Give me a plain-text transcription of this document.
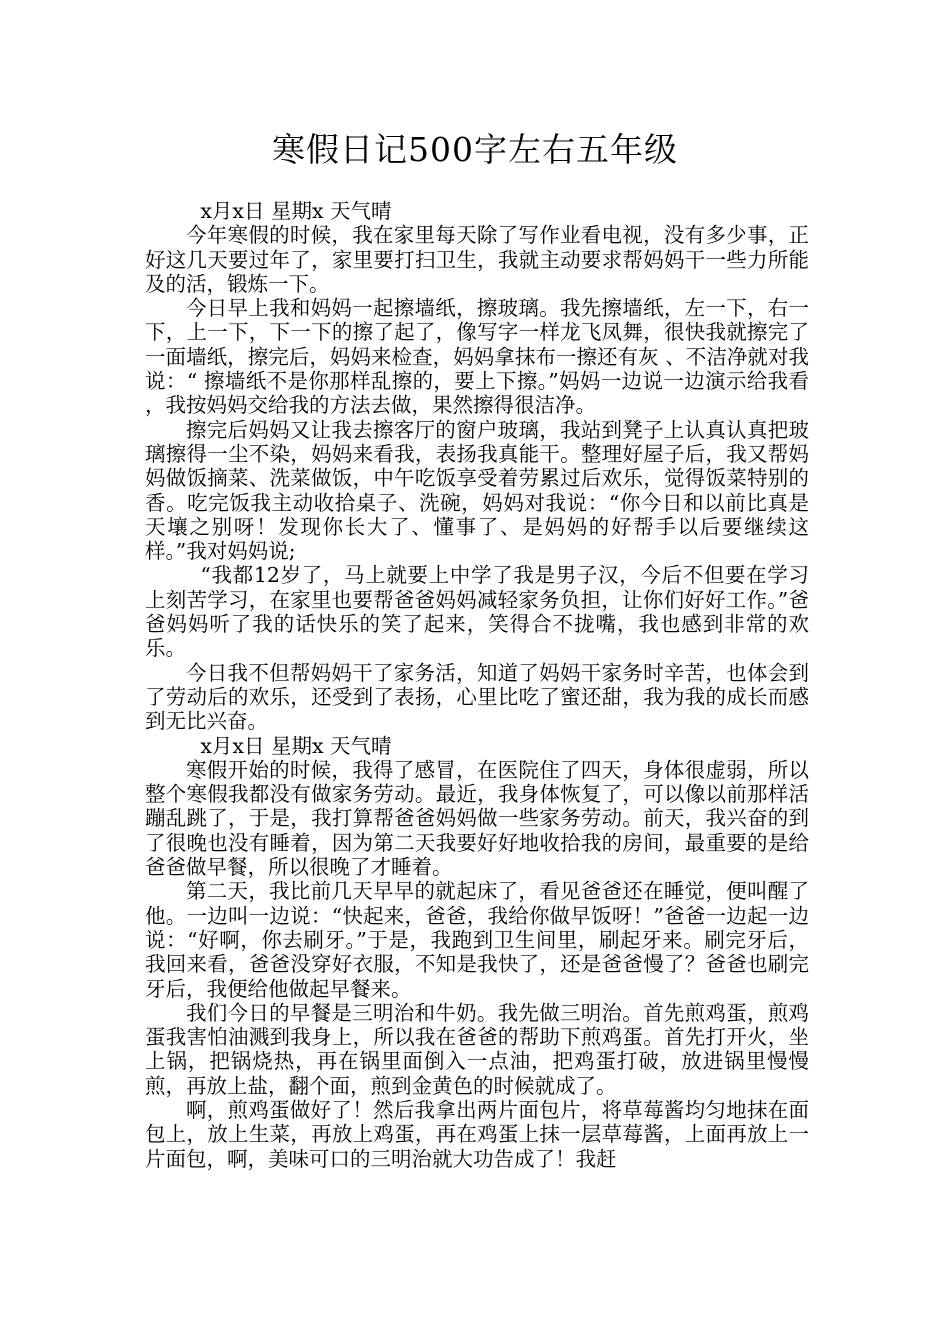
寒假日记500字左右五年级

x月x日 星期x 天气晴

今年寒假的时候，我在家里每天除了写作业看电视，没有多少事，正好这几天要过年了，家里要打扫卫生，我就主动要求帮妈妈干一些力所能及的活，锻炼一下。

今日早上我和妈妈一起擦墙纸，擦玻璃。我先擦墙纸，左一下，右一下，上一下，下一下的擦了起了，像写字一样龙飞凤舞，很快我就擦完了一面墙纸，擦完后，妈妈来检查，妈妈拿抹布一擦还有灰 、不洁净就对我说：“ 擦墙纸不是你那样乱擦的，要上下擦。”妈妈一边说一边演示给我看 ，我按妈妈交给我的方法去做，果然擦得很洁净。

擦完后妈妈又让我去擦客厅的窗户玻璃，我站到凳子上认真认真把玻璃擦得一尘不染，妈妈来看我，表扬我真能干。整理好屋子后，我又帮妈妈做饭摘菜、洗菜做饭，中午吃饭享受着劳累过后欢乐，觉得饭菜特别的香。吃完饭我主动收拾桌子、洗碗，妈妈对我说：“你今日和以前比真是天壤之别呀！发现你长大了、懂事了、是妈妈的好帮手以后要继续这样。”我对妈妈说;

“我都12岁了，马上就要上中学了我是男子汉，今后不但要在学习上刻苦学习，在家里也要帮爸爸妈妈减轻家务负担，让你们好好工作。”爸爸妈妈听了我的话快乐的笑了起来，笑得合不拢嘴，我也感到非常的欢乐。

今日我不但帮妈妈干了家务活，知道了妈妈干家务时辛苦，也体会到了劳动后的欢乐，还受到了表扬，心里比吃了蜜还甜，我为我的成长而感到无比兴奋。

x月x日 星期x 天气晴

寒假开始的时候，我得了感冒，在医院住了四天，身体很虚弱，所以整个寒假我都没有做家务劳动。最近，我身体恢复了，可以像以前那样活蹦乱跳了，于是，我打算帮爸爸妈妈做一些家务劳动。前天，我兴奋的到了很晚也没有睡着，因为第二天我要好好地收拾我的房间，最重要的是给爸爸做早餐，所以很晚了才睡着。

第二天，我比前几天早早的就起床了，看见爸爸还在睡觉，便叫醒了他。一边叫一边说：“快起来，爸爸，我给你做早饭呀！”爸爸一边起一边说：“好啊，你去刷牙。”于是，我跑到卫生间里，刷起牙来。刷完牙后，我回来看，爸爸没穿好衣服，不知是我快了，还是爸爸慢了？爸爸也刷完牙后，我便给他做起早餐来。

我们今日的早餐是三明治和牛奶。我先做三明治。首先煎鸡蛋，煎鸡蛋我害怕油溅到我身上，所以我在爸爸的帮助下煎鸡蛋。首先打开火，坐上锅，把锅烧热，再在锅里面倒入一点油，把鸡蛋打破，放进锅里慢慢煎，再放上盐，翻个面，煎到金黄色的时候就成了。

啊，煎鸡蛋做好了！然后我拿出两片面包片，将草莓酱均匀地抹在面包上，放上生菜，再放上鸡蛋，再在鸡蛋上抹一层草莓酱，上面再放上一片面包，啊，美味可口的三明治就大功告成了！我赶
